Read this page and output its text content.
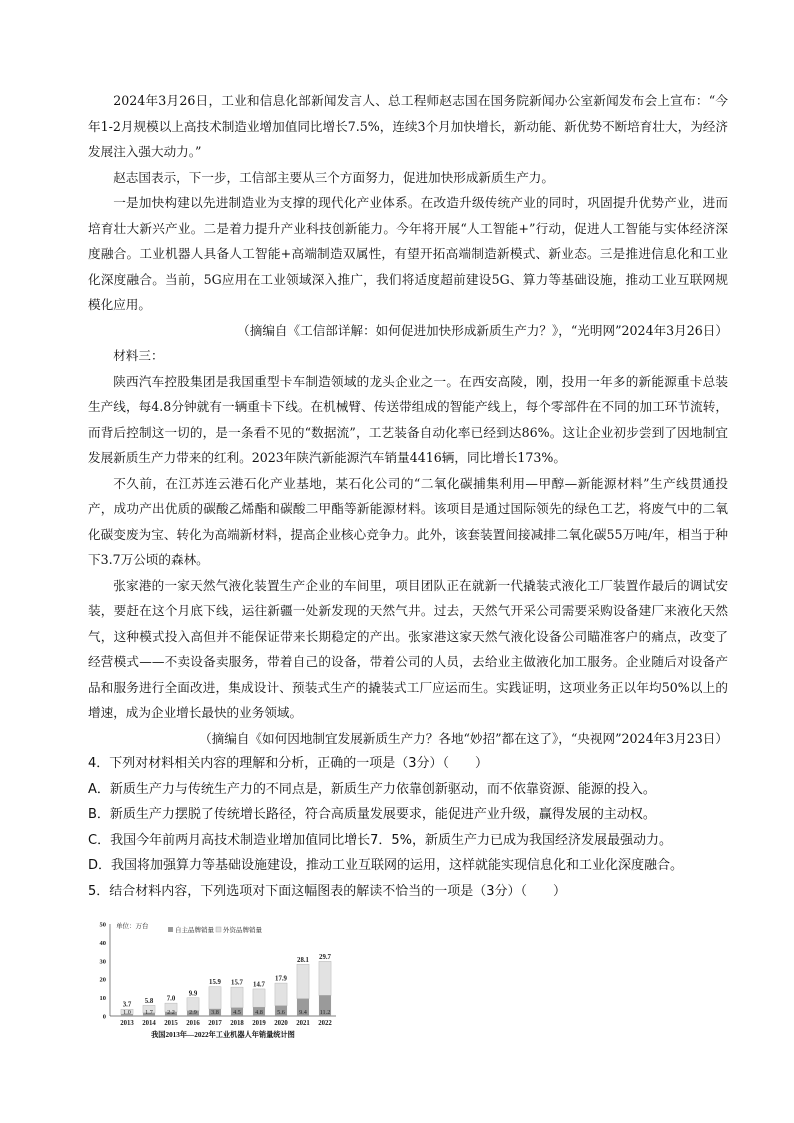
2024年3月26日，工业和信息化部新闻发言人、总工程师赵志国在国务院新闻办公室新闻发布会上宣布：“今年1-2月规模以上高技术制造业增加值同比增长7.5%，连续3个月加快增长，新动能、新优势不断培育壮大，为经济发展注入强大动力。”

赵志国表示，下一步，工信部主要从三个方面努力，促进加快形成新质生产力。

一是加快构建以先进制造业为支撑的现代化产业体系。在改造升级传统产业的同时，巩固提升优势产业，进而培育壮大新兴产业。二是着力提升产业科技创新能力。今年将开展“人工智能+”行动，促进人工智能与实体经济深度融合。工业机器人具备人工智能+高端制造双属性，有望开拓高端制造新模式、新业态。三是推进信息化和工业化深度融合。当前，5G应用在工业领域深入推广，我们将适度超前建设5G、算力等基础设施，推动工业互联网规模化应用。

（摘编自《工信部详解：如何促进加快形成新质生产力？》，“光明网”2024年3月26日）

材料三：

陕西汽车控股集团是我国重型卡车制造领域的龙头企业之一。在西安高陵，刚，投用一年多的新能源重卡总装生产线，每4.8分钟就有一辆重卡下线。在机械臂、传送带组成的智能产线上，每个零部件在不同的加工环节流转，而背后控制这一切的，是一条看不见的“数据流”，工艺装备自动化率已经到达86%。这让企业初步尝到了因地制宜发展新质生产力带来的红利。2023年陕汽新能源汽车销量4416辆，同比增长173%。

不久前，在江苏连云港石化产业基地，某石化公司的“二氧化碳捕集利用—甲醇—新能源材料”生产线贯通投产，成功产出优质的碳酸乙烯酯和碳酸二甲酯等新能源材料。该项目是通过国际领先的绿色工艺，将废气中的二氧化碳变废为宝、转化为高端新材料，提高企业核心竞争力。此外，该套装置间接减排二氧化碳55万吨/年，相当于种下3.7万公顷的森林。

张家港的一家天然气液化装置生产企业的车间里，项目团队正在就新一代撬装式液化工厂装置作最后的调试安装，要赶在这个月底下线，运往新疆一处新发现的天然气井。过去，天然气开采公司需要采购设备建厂来液化天然气，这种模式投入高但并不能保证带来长期稳定的产出。张家港这家天然气液化设备公司瞄准客户的痛点，改变了经营模式——不卖设备卖服务，带着自己的设备，带着公司的人员，去给业主做液化加工服务。企业随后对设备产品和服务进行全面改进，集成设计、预装式生产的撬装式工厂应运而生。实践证明，这项业务正以年均50%以上的增速，成为企业增长最快的业务领域。

（摘编自《如何因地制宜发展新质生产力？各地“妙招”都在这了》，“央视网”2024年3月23日）

4．下列对材料相关内容的理解和分析，正确的一项是（3分）（　　）

A．新质生产力与传统生产力的不同点是，新质生产力依靠创新驱动，而不依靠资源、能源的投入。

B．新质生产力摆脱了传统增长路径，符合高质量发展要求，能促进产业升级，赢得发展的主动权。

C．我国今年前两月高技术制造业增加值同比增长7．5%，新质生产力已成为我国经济发展最强动力。

D．我国将加强算力等基础设施建设，推动工业互联网的运用，这样就能实现信息化和工业化深度融合。

5．结合材料内容，下列选项对下面这幅图表的解读不恰当的一项是（3分）（　　）

0
10
20
30
40
50 单位：万台
自主品牌销量 外资品牌销量
1.0
3.7
2013
1.7
5.8
2014
2.2
7.0
2015
2.9
9.9
2016
3.8
15.9
2017
4.5
15.7
2018
4.8
14.7
2019
5.6
17.9
2020
9.4
28.1
2021
11.2
29.7
2022
我国2013年—2022年工业机器人年销量统计图
